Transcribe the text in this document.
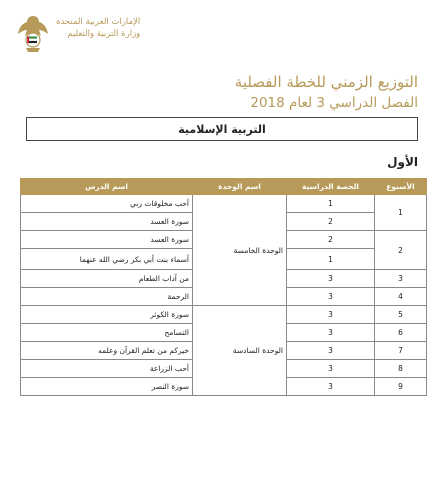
الإمارات العربية المتحدة
وزارة التربية والتعليم
التوزيع الزمني للخطة الفصلية
الفصل الدراسي 3 لعام 2018
التربية الإسلامية
الأول
الأسبوع	الحصة الدراسية	اسم الوحدة	اسم الدرس
1	1	الوحدة الخامسة	أحب مخلوقات ربي
	2		سورة العسد
2	2		سورة العسد
	1		أسماء بنت أبي بكر رضي الله عنهما
3	3		من آداب الطعام
4	3		الرحمة
5	3	الوحدة السادسة	سورة الكوثر
6	3		التسامح
7	3		خيركم من تعلم القرآن وعلمه
8	3		أحب الزراعة
9	3		سورة النصر
